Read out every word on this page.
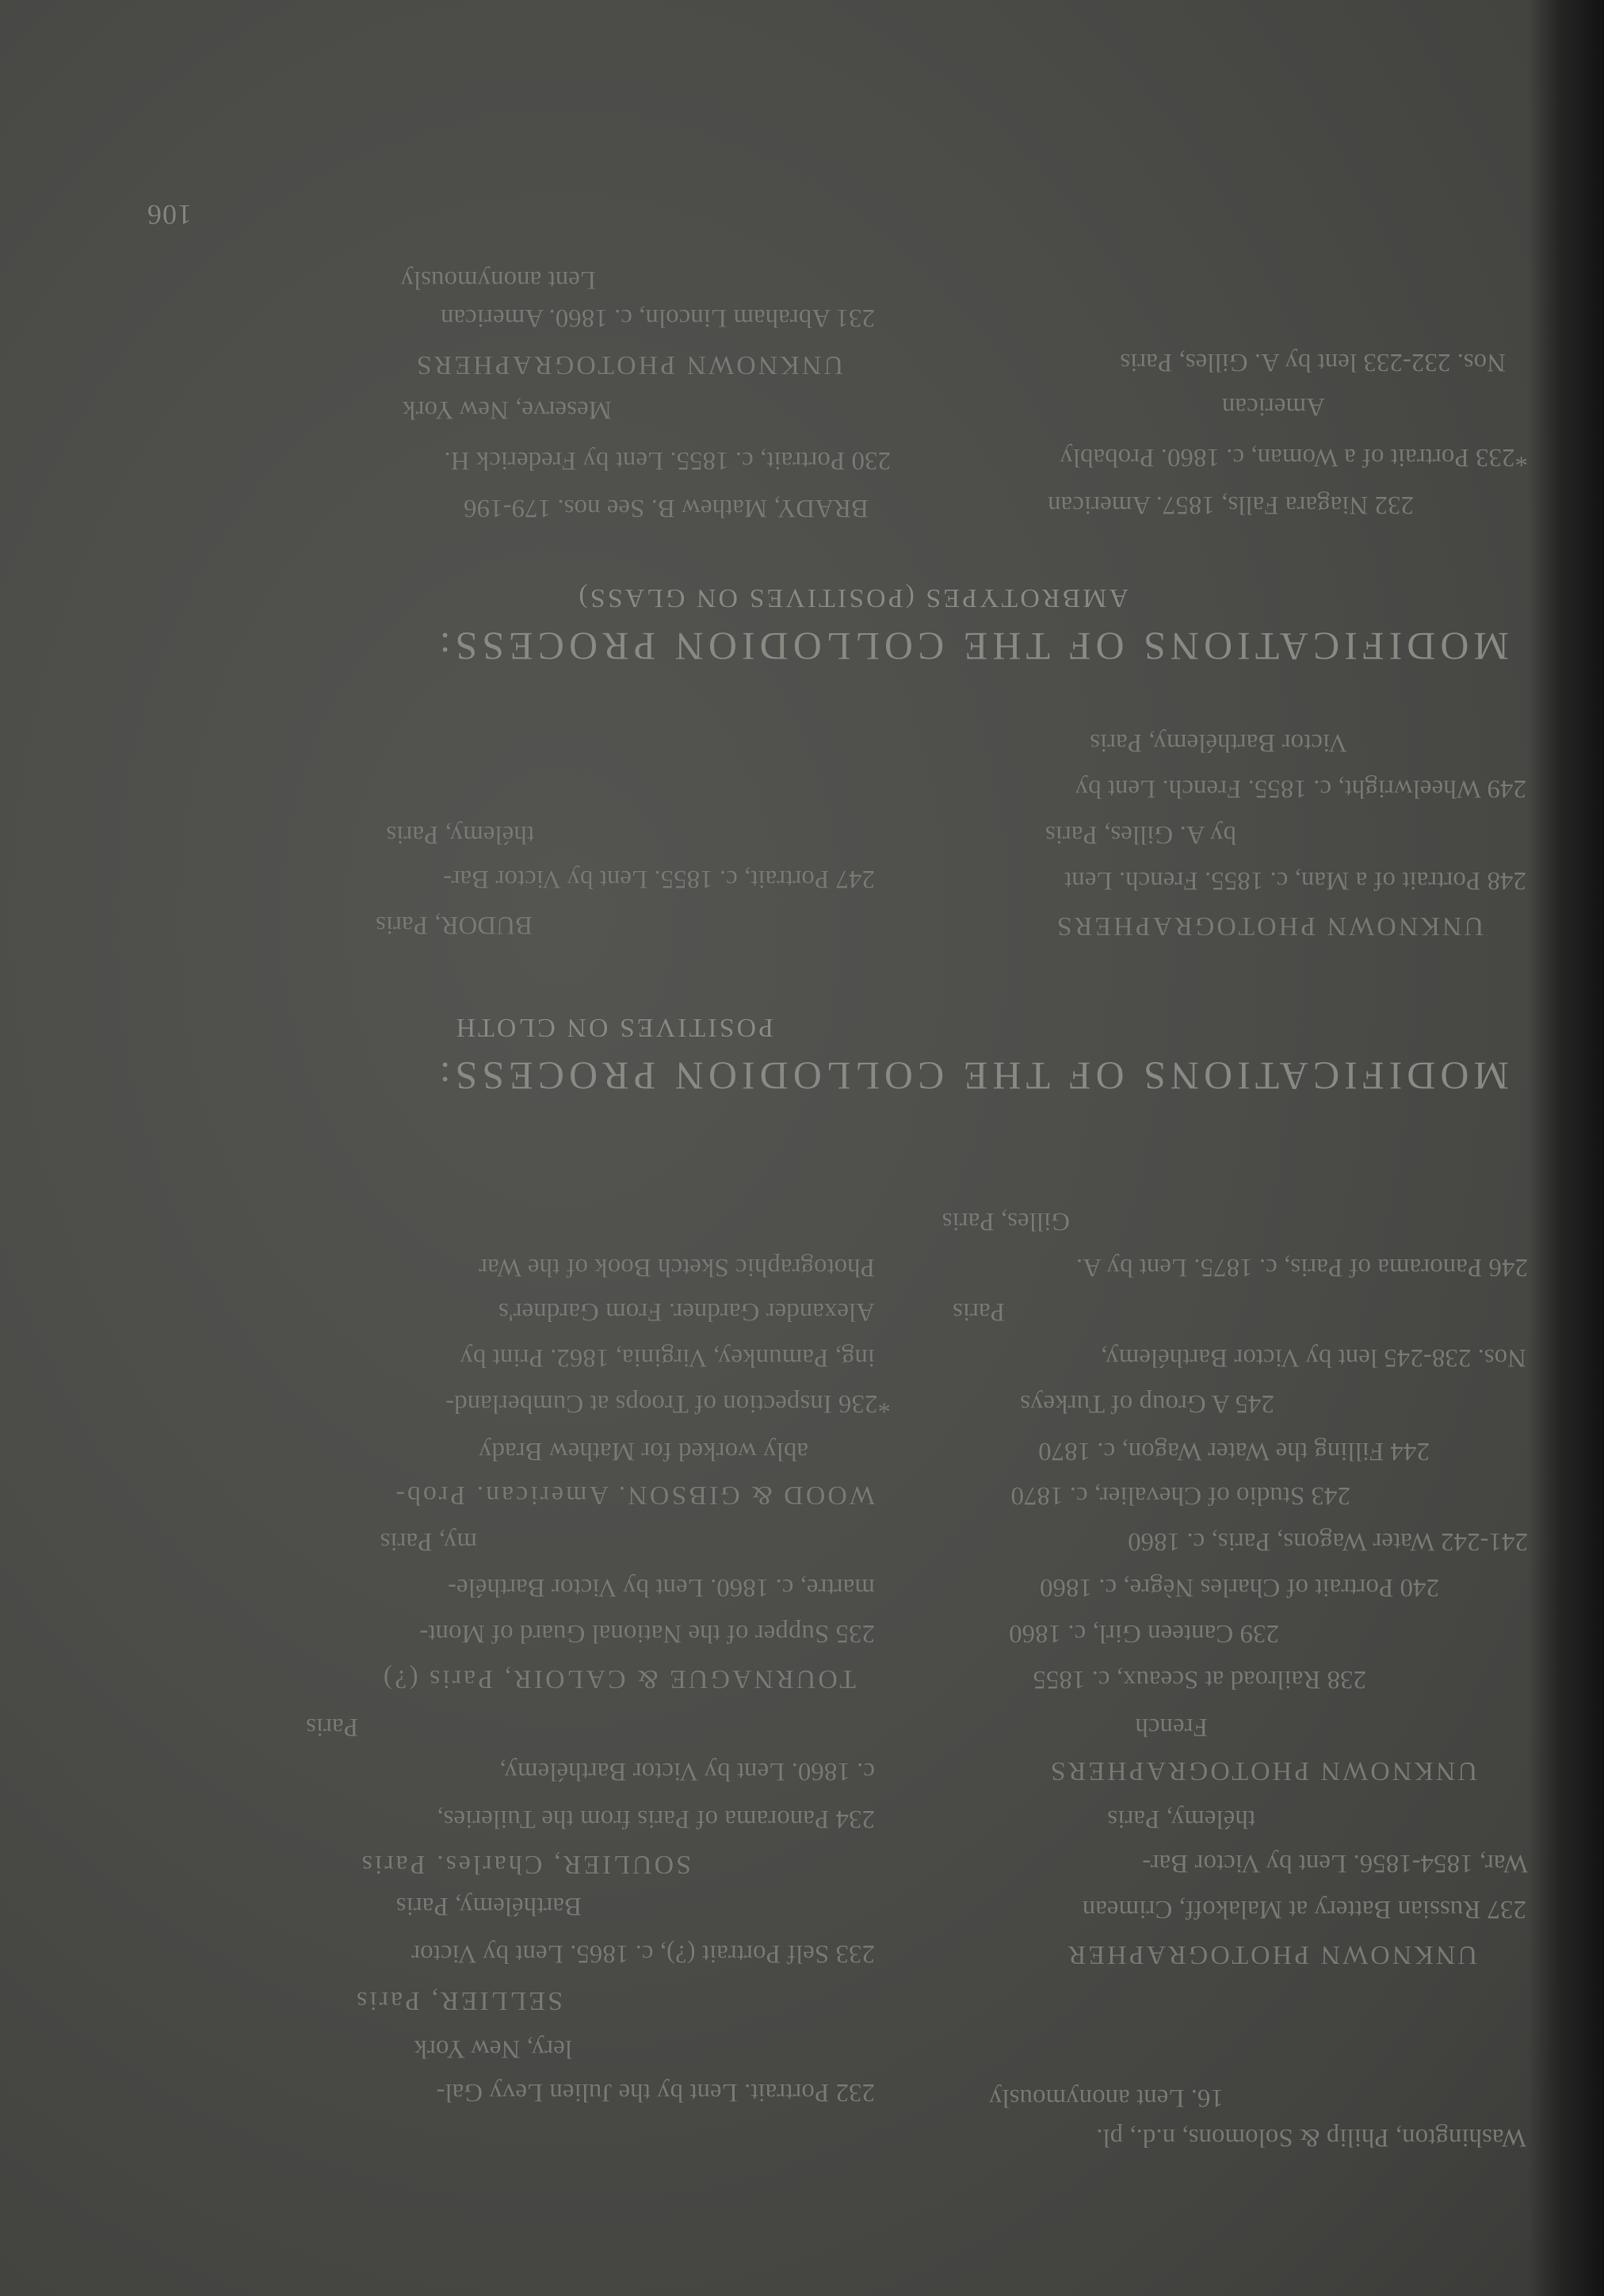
106
MODIFICATIONS OF THE COLLODION PROCESS:
AMBROTYPES (POSITIVES ON GLASS)
BRADY, Mathew B. See nos. 179-196
230 Portrait, c. 1855. Lent by Frederick H.
Meserve, New York
UNKNOWN PHOTOGRAPHERS
231 Abraham Lincoln, c. 1860. American
Lent anonymously
232 Niagara Falls, 1857. American
*233 Portrait of a Woman, c. 1860. Probably
American
Nos. 232-233 lent by A. Gilles, Paris
MODIFICATIONS OF THE COLLODION PROCESS:
POSITIVES ON CLOTH
BUDOR, Paris
247 Portrait, c. 1855. Lent by Victor Bar-
thélemy, Paris
UNKNOWN PHOTOGRAPHERS
248 Portrait of a Man, c. 1855. French. Lent
by A. Gilles, Paris
249 Wheelwright, c. 1855. French. Lent by
Victor Barthélemy, Paris
232 Portrait. Lent by the Julien Levy Gal-
lery, New York
SELLIER, Paris
233 Self Portrait (?), c. 1865. Lent by Victor
Barthélemy, Paris
SOULIER, Charles. Paris
234 Panorama of Paris from the Tuileries,
c. 1860. Lent by Victor Barthélemy,
Paris
TOURNAGUE & CALOIR, Paris (?)
235 Supper of the National Guard of Mont-
martre, c. 1860. Lent by Victor Barthéle-
my, Paris
WOOD & GIBSON. American. Prob-
ably worked for Mathew Brady
*236 Inspection of Troops at Cumberland-
ing, Pamunkey, Virginia, 1862. Print by
Alexander Gardner. From Gardner's
Photographic Sketch Book of the War
16. Lent anonymously
Washington, Philip & Solomons, n.d., pl.
UNKNOWN PHOTOGRAPHER
237 Russian Battery at Malakoff, Crimean
War, 1854-1856. Lent by Victor Bar-
thélemy, Paris
UNKNOWN PHOTOGRAPHERS
French
238 Railroad at Sceaux, c. 1855
239 Canteen Girl, c. 1860
240 Portrait of Charles Nègre, c. 1860
241-242 Water Wagons, Paris, c. 1860
243 Studio of Chevalier, c. 1870
244 Filling the Water Wagon, c. 1870
245 A Group of Turkeys
Nos. 238-245 lent by Victor Barthélemy,
Paris
246 Panorama of Paris, c. 1875. Lent by A.
Gilles, Paris
